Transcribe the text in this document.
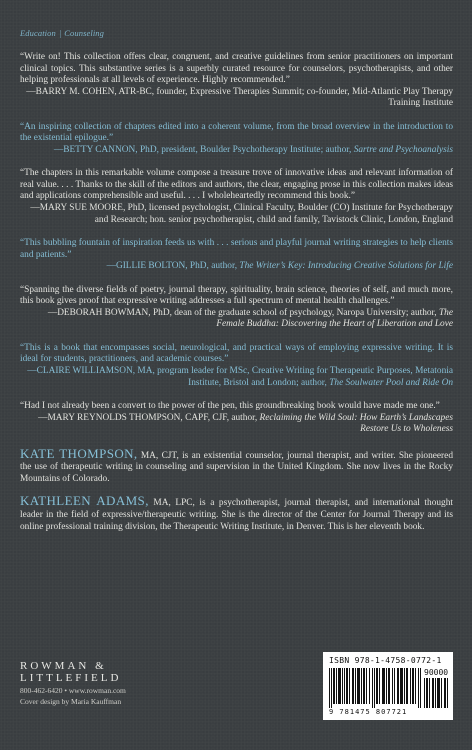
Education | Counseling

“Write on! This collection offers clear, congruent, and creative guidelines from senior practitioners on important clinical topics. This substantive series is a superbly curated resource for counselors, psychotherapists, and other helping professionals at all levels of experience. Highly recommended.”
—BARRY M. COHEN, ATR-BC, founder, Expressive Therapies Summit; co-founder, Mid-Atlantic Play Therapy Training Institute

“An inspiring collection of chapters edited into a coherent volume, from the broad overview in the introduction to the existential epilogue.”
—BETTY CANNON, PhD, president, Boulder Psychotherapy Institute; author, Sartre and Psychoanalysis

“The chapters in this remarkable volume compose a treasure trove of innovative ideas and relevant information of real value. . . . Thanks to the skill of the editors and authors, the clear, engaging prose in this collection makes ideas and applications comprehensible and useful. . . . I wholeheartedly recommend this book.”
—MARY SUE MOORE, PhD, licensed psychologist, Clinical Faculty, Boulder (CO) Institute for Psychotherapy and Research; hon. senior psychotherapist, child and family, Tavistock Clinic, London, England

“This bubbling fountain of inspiration feeds us with . . . serious and playful journal writing strategies to help clients and patients.”
—GILLIE BOLTON, PhD, author, The Writer’s Key: Introducing Creative Solutions for Life

“Spanning the diverse fields of poetry, journal therapy, spirituality, brain science, theories of self, and much more, this book gives proof that expressive writing addresses a full spectrum of mental health challenges.”
—DEBORAH BOWMAN, PhD, dean of the graduate school of psychology, Naropa University; author, The Female Buddha: Discovering the Heart of Liberation and Love

“This is a book that encompasses social, neurological, and practical ways of employing expressive writing. It is ideal for students, practitioners, and academic courses.”
—CLAIRE WILLIAMSON, MA, program leader for MSc, Creative Writing for Therapeutic Purposes, Metatonia Institute, Bristol and London; author, The Soulwater Pool and Ride On

“Had I not already been a convert to the power of the pen, this groundbreaking book would have made me one.”
—MARY REYNOLDS THOMPSON, CAPF, CJF, author, Reclaiming the Wild Soul: How Earth’s Landscapes Restore Us to Wholeness

KATE THOMPSON, MA, CJT, is an existential counselor, journal therapist, and writer. She pioneered the use of therapeutic writing in counseling and supervision in the United Kingdom. She now lives in the Rocky Mountains of Colorado.

KATHLEEN ADAMS, MA, LPC, is a psychotherapist, journal therapist, and international thought leader in the field of expressive/therapeutic writing. She is the director of the Center for Journal Therapy and its online professional training division, the Therapeutic Writing Institute, in Denver. This is her eleventh book.

ROWMAN &
LITTLEFIELD
800-462-6420 • www.rowman.com
Cover design by Maria Kauffman
ISBN 978-1-4758-0772-1
90000
9 781475 807721
